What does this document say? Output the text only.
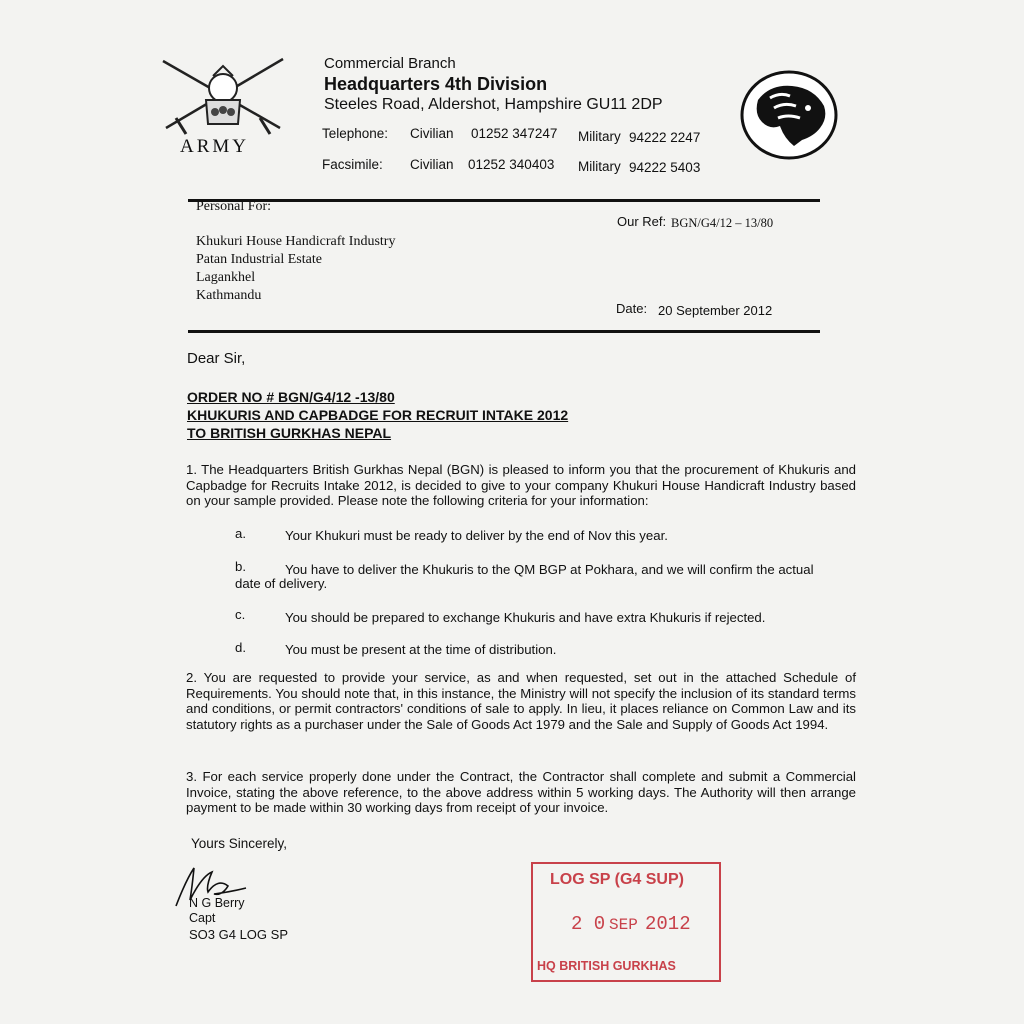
ARMY
Commercial Branch
Headquarters 4th Division
Steeles Road, Aldershot, Hampshire GU11 2DP
Telephone: Civilian 01252 347247 Military 94222 2247
Facsimile: Civilian 01252 340403 Military 94222 5403
Personal For:
Our Ref: BGN/G4/12 – 13/80
Khukuri House Handicraft Industry
Patan Industrial Estate
Lagankhel
Kathmandu
Date: 20 September 2012
Dear Sir,
ORDER NO # BGN/G4/12 -13/80
KHUKURIS AND CAPBADGE FOR RECRUIT INTAKE 2012
TO BRITISH GURKHAS NEPAL
1. The Headquarters British Gurkhas Nepal (BGN) is pleased to inform you that the procurement of Khukuris and Capbadge for Recruits Intake 2012, is decided to give to your company Khukuri House Handicraft Industry based on your sample provided. Please note the following criteria for your information:
a.	Your Khukuri must be ready to deliver by the end of Nov this year.
b.	You have to deliver the Khukuris to the QM BGP at Pokhara, and we will confirm the actual
date of delivery.
c.	You should be prepared to exchange Khukuris and have extra Khukuris if rejected.
d.	You must be present at the time of distribution.
2. You are requested to provide your service, as and when requested, set out in the attached Schedule of Requirements. You should note that, in this instance, the Ministry will not specify the inclusion of its standard terms and conditions, or permit contractors' conditions of sale to apply. In lieu, it places reliance on Common Law and its statutory rights as a purchaser under the Sale of Goods Act 1979 and the Sale and Supply of Goods Act 1994.
3. For each service properly done under the Contract, the Contractor shall complete and submit a Commercial Invoice, stating the above reference, to the above address within 5 working days. The Authority will then arrange payment to be made within 30 working days from receipt of your invoice.
Yours Sincerely,
N G Berry
Capt
SO3 G4 LOG SP
LOG SP (G4 SUP)
2 0 SEP 2012
HQ BRITISH GURKHAS
